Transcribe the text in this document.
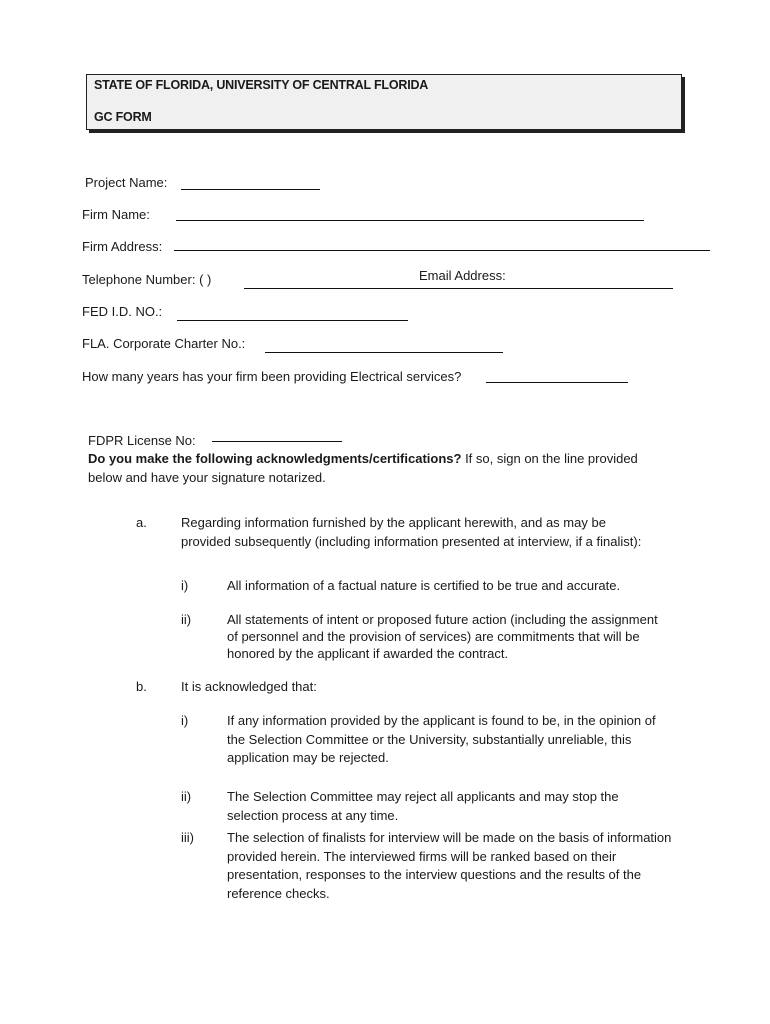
STATE OF FLORIDA, UNIVERSITY OF CENTRAL FLORIDA
GC FORM
Project Name:
Firm Name:
Firm Address:
Telephone Number: ( )	Email Address:
FED I.D. NO.:
FLA. Corporate Charter No.:
How many years has your firm been providing Electrical services?
FDPR License No:
Do you make the following acknowledgments/certifications? If so, sign on the line provided
below and have your signature notarized.
a.	Regarding information furnished by the applicant herewith, and as may be provided subsequently (including information presented at interview, if a finalist):
i)	All information of a factual nature is certified to be true and accurate.
ii)	All statements of intent or proposed future action (including the assignment of personnel and the provision of services) are commitments that will be honored by the applicant if awarded the contract.
b.	It is acknowledged that:
i)	If any information provided by the applicant is found to be, in the opinion of the Selection Committee or the University, substantially unreliable, this application may be rejected.
ii)	The Selection Committee may reject all applicants and may stop the selection process at any time.
iii)	The selection of finalists for interview will be made on the basis of information provided herein. The interviewed firms will be ranked based on their presentation, responses to the interview questions and the results of the reference checks.
